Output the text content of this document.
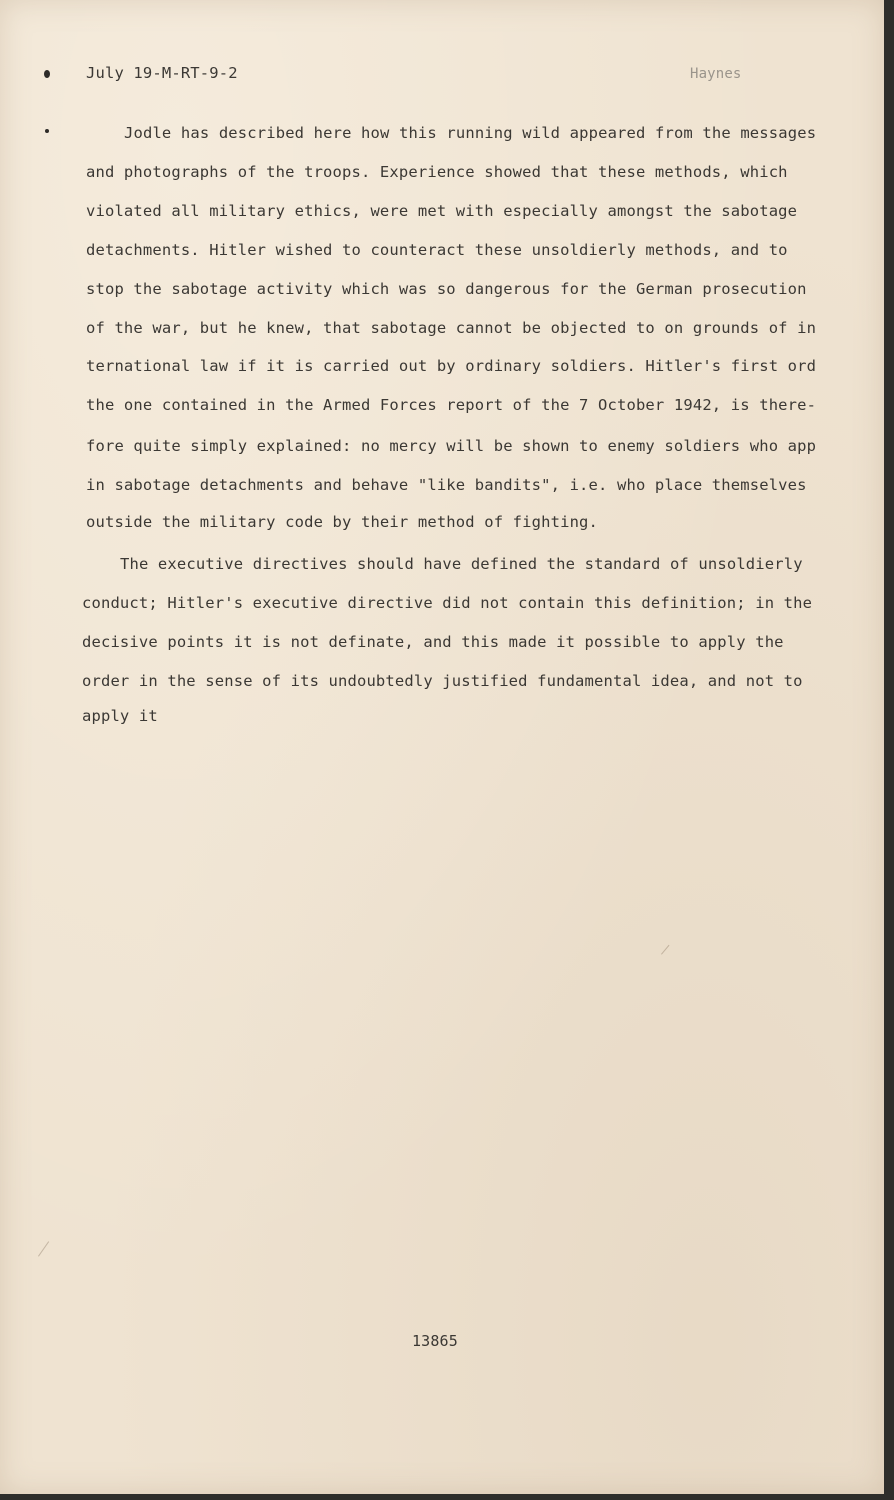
July 19-M-RT-9-2	Haynes
Jodle has described here how this running wild appeared from the messages
and photographs of the troops. Experience showed that these methods, which
violated all military ethics, were met with especially amongst the sabotage
detachments. Hitler wished to counteract these unsoldierly methods, and to
stop the sabotage activity which was so dangerous for the German prosecution
of the war, but he knew, that sabotage cannot be objected to on grounds of in
ternational law if it is carried out by ordinary soldiers. Hitler's first ord
the one contained in the Armed Forces report of the 7 October 1942, is there-
fore quite simply explained: no mercy will be shown to enemy soldiers who app
in sabotage detachments and behave "like bandits", i.e. who place themselves
outside the military code by their method of fighting.
The executive directives should have defined the standard of unsoldierly
conduct; Hitler's executive directive did not contain this definition; in the
decisive points it is not definate, and this made it possible to apply the
order in the sense of its undoubtedly justified fundamental idea, and not to
apply it
13865
